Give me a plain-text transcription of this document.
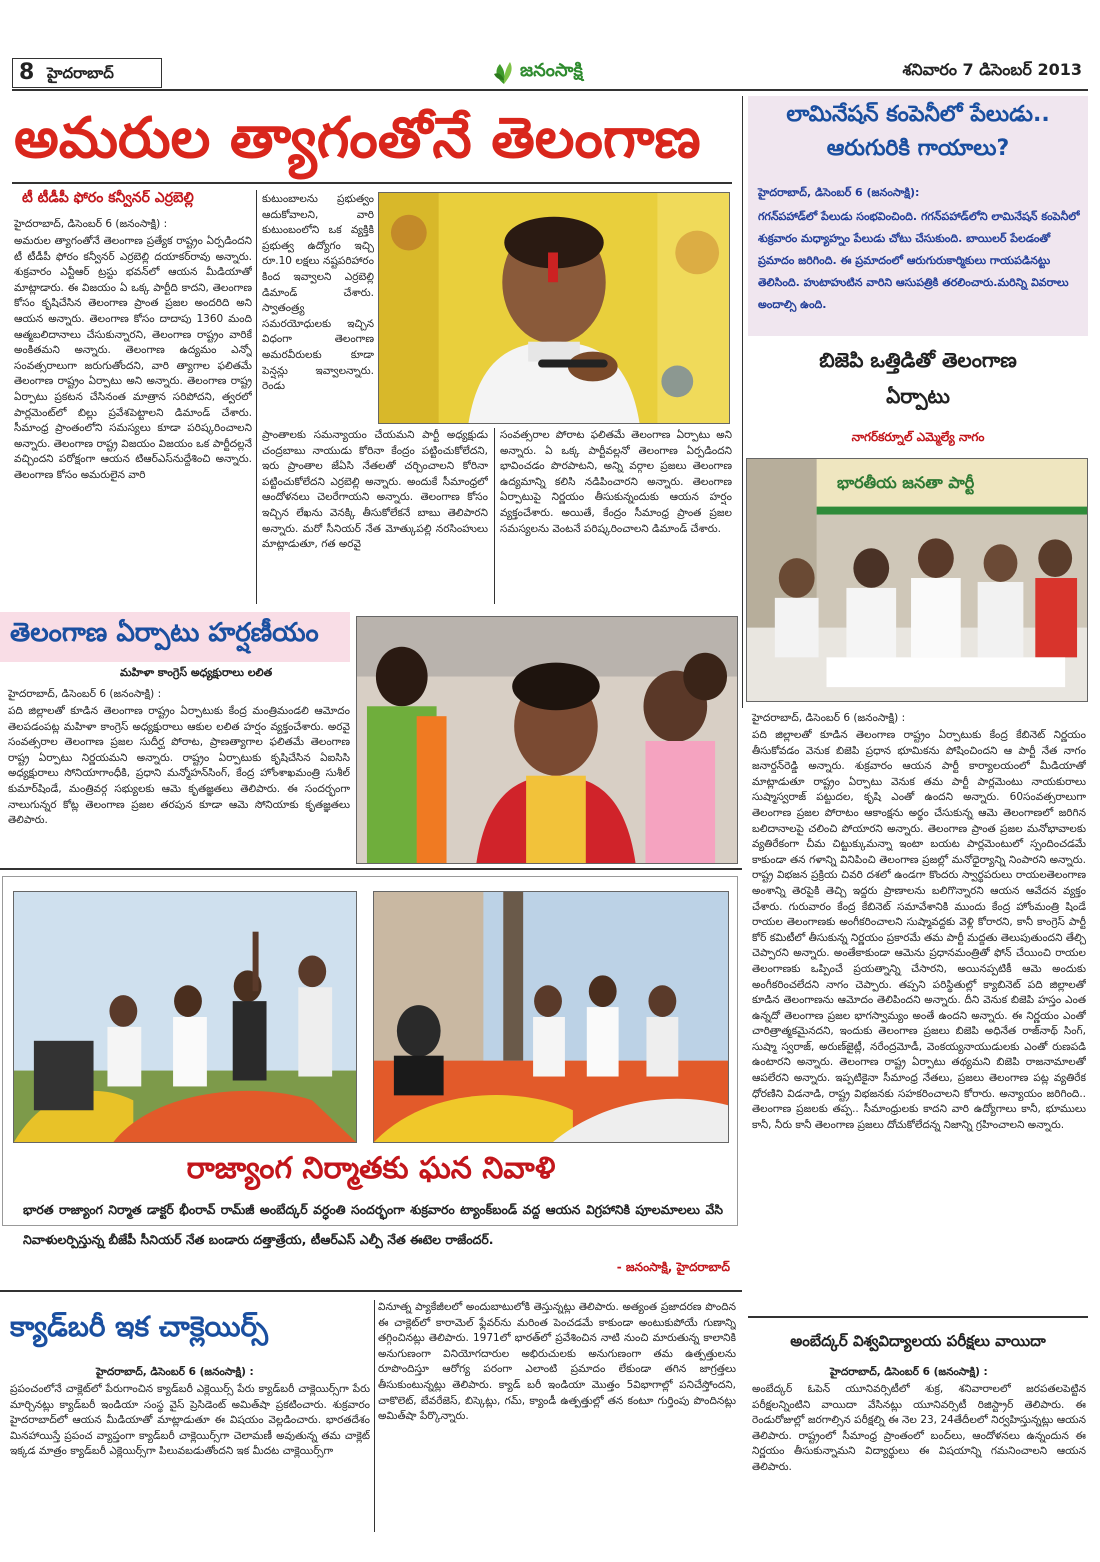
8 హైదరాబాద్	జనంసాక్షి	శనివారం 7 డిసెంబర్ 2013
అమరుల త్యాగంతోనే తెలంగాణ
టీ టీడీపీ ఫోరం కన్వీనర్ ఎర్రబెల్లి
హైదరాబాద్, డిసెంబర్ 6 (జనంసాక్షి) :
అమరుల త్యాగంతోనే తెలంగాణ ప్రత్యేక రాష్ట్రం ఏర్పడిందని టీ టీడీపీ ఫోరం కన్వీనర్ ఎర్రబెల్లి దయాకర్‌రావు అన్నారు. శుక్రవారం ఎన్టీఆర్ ట్రస్టు భవన్‌లో ఆయన మీడియాతో మాట్లాడారు. ఈ విజయం ఏ ఒక్క పార్టీది కాదని, తెలంగాణ కోసం కృషిచేసిన తెలంగాణ ప్రాంత ప్రజల అందరిది అని ఆయన అన్నారు. తెలంగాణ కోసం దాదాపు 1360 మంది ఆత్మబలిదానాలు చేసుకున్నారని, తెలంగాణ రాష్ట్రం వారికే అంకితమని అన్నారు. తెలంగాణ ఉద్యమం ఎన్నో సంవత్సరాలుగా జరుగుతోందని, వారి త్యాగాల ఫలితమే తెలంగాణ రాష్ట్రం ఏర్పాటు అని అన్నారు. తెలంగాణ రాష్ట్ర ఏర్పాటు ప్రకటన చేసినంత మాత్రాన సరిపోదని, త్వరలో పార్లమెంట్‌లో బిల్లు ప్రవేశపెట్టాలని డిమాండ్ చేశారు. సీమాంధ్ర ప్రాంతంలోని సమస్యలు కూడా పరిష్కరించాలని అన్నారు. తెలంగాణ రాష్ట్ర విజయం విజయం ఒక పార్టీదల్లనే వచ్చిందని పరోక్షంగా ఆయన టిఆర్ఎస్‌నుద్దేశించి అన్నారు. తెలంగాణ కోసం అమరులైన వారి
కుటుంబాలను ప్రభుత్వం ఆదుకోవాలని, వారి కుటుంబంలోని ఒక వ్యక్తికి ప్రభుత్వ ఉద్యోగం ఇచ్చి రూ.10 లక్షలు నష్టపరిహారం కింద ఇవ్వాలని ఎర్రబెల్లి డిమాండ్ చేశారు. స్వాతంత్ర్య సమరయోధులకు ఇచ్చిన విధంగా తెలంగాణ అమరవీరులకు కూడా పెన్షన్లు ఇవ్వాలన్నారు. రెండు
ప్రాంతాలకు సమన్యాయం చేయమని పార్టీ అధ్యక్షుడు చంద్రబాబు నాయుడు కోరినా కేంద్రం పట్టించుకోలేదని, ఇరు ప్రాంతాల జేఏసి నేతలతో చర్చించాలని కోరినా పట్టించుకోలేదని ఎర్రబెల్లి అన్నారు. అందుకే సీమాంధ్రలో ఆందోళనలు చెలరేగాయని అన్నారు. తెలంగాణ కోసం ఇచ్చిన లేఖను వెనక్కి తీసుకోలేకనే బాబు తెలిపారని అన్నారు. మరో సీనియర్ నేత మోత్కుపల్లి నరసింహులు మాట్లాడుతూ, గత అరవై
సంవత్సరాల పోరాట ఫలితమే తెలంగాణ ఏర్పాటు అని అన్నారు. ఏ ఒక్క పార్టీవల్లనో తెలంగాణ ఏర్పడిందని భావించడం పొరపాటని, అన్ని వర్గాల ప్రజలు తెలంగాణ ఉద్యమాన్ని కలిసి నడిపించారని అన్నారు. తెలంగాణ ఏర్పాటుపై నిర్ణయం తీసుకున్నందుకు ఆయన హర్షం వ్యక్తంచేశారు. అయితే, కేంద్రం సీమాంధ్ర ప్రాంత ప్రజల సమస్యలను వెంటనే పరిష్కరించాలని డిమాండ్ చేశారు.
లామినేషన్ కంపెనీలో పేలుడు..
ఆరుగురికి గాయాలు?
హైదరాబాద్, డిసెంబర్ 6 (జనంసాక్షి):
గగన్‌పహాడ్‌లో పేలుడు సంభవించింది. గగన్‌పహాడ్‌లోని లామినేషన్ కంపెనీలో శుక్రవారం మధ్యాహ్నం పేలుడు చోటు చేసుకుంది. బాయిలర్ పేలడంతో ప్రమాదం జరిగింది. ఈ ప్రమాదంలో ఆరుగురుకార్మికులు గాయపడినట్టు తెలిసింది. హుటాహుటిన వారిని ఆసుపత్రికి తరలించారు.మరిన్ని వివరాలు అందాల్సి ఉంది.
బిజెపి ఒత్తిడితో తెలంగాణ
ఏర్పాటు
నాగర్‌కర్నూల్ ఎమ్మెల్యే నాగం
భారతీయ జనతా పార్టీ
హైదరాబాద్, డిసెంబర్ 6 (జనంసాక్షి) :
పది జిల్లాలతో కూడిన తెలంగాణ రాష్ట్రం ఏర్పాటుకు కేంద్ర కేబినెట్ నిర్ణయం తీసుకోవడం వెనుక బిజెపి ప్రధాన భూమికను పోషించిందని ఆ పార్టీ నేత నాగం జనార్దన్‌రెడ్డి అన్నారు. శుక్రవారం ఆయన పార్టీ కార్యాలయంలో మీడియాతో మాట్లాడుతూ రాష్ట్రం ఏర్పాటు వెనుక తమ పార్టీ పార్లమెంటు నాయకురాలు సుష్మాస్వరాజ్ పట్టుదల, కృషి ఎంతో ఉందని అన్నారు. 60సంవత్సరాలుగా తెలంగాణ ప్రజల పోరాటం ఆకాంక్షను అర్థం చేసుకున్న ఆమె తెలంగాణలో జరిగిన బలిదానాలపై చలించి పోయారని అన్నారు. తెలంగాణ ప్రాంత ప్రజల మనోభావాలకు వ్యతిరేకంగా చీమ చిట్టుక్కుమన్నా ఇంటా బయట పార్లమెంటులో స్పందించడమే కాకుండా తన గళాన్ని వినిపించి తెలంగాణ ప్రజల్లో మనోధైర్యాన్ని నింపారని అన్నారు. రాష్ట్ర విభజన ప్రక్రియ చివరి దశలో ఉండగా కొందరు స్వార్థపరులు రాయలతెలంగాణ అంశాన్ని తెరపైకి తెచ్చి ఇద్దరు ప్రాణాలను బలిగొన్నారని ఆయన ఆవేదన వ్యక్తం చేశారు. గురువారం కేంద్ర కేబినెట్ సమావేశానికి ముందు కేంద్ర హోంమంత్రి షిండే రాయల తెలంగాణకు అంగీకరించాలని సుష్మావద్దకు వెళ్లి కోరారని, కానీ కాంగ్రెస్ పార్టీ కోర్ కమిటీలో తీసుకున్న నిర్ణయం ప్రకారమే తమ పార్టీ మద్దతు తెలుపుతుందని తేల్చి చెప్పారని అన్నారు. అంతేకాకుండా ఆమెను ప్రధానమంత్రితో ఫోన్ చేయించి రాయల తెలంగాణకు ఒప్పించే ప్రయత్నాన్ని చేసారని, అయినప్పటికీ ఆమె అందుకు అంగీకరించలేదని నాగం చెప్పారు. తప్పని పరిస్థితుల్లో క్యాబినెట్ పది జిల్లాలతో కూడిన తెలంగాణను ఆమోదం తెలిపిందని అన్నారు. దీని వెనుక బిజెపి హస్తం ఎంత ఉన్నదో తెలంగాణ ప్రజల భాగస్వామ్యం అంతే ఉందని అన్నారు. ఈ నిర్ణయం ఎంతో చారిత్రాత్మకమైనదని, ఇందుకు తెలంగాణ ప్రజలు బిజెపి అధినేత రాజ్‌నాథ్ సింగ్, సుష్మా స్వరాజ్, అరుణ్‌జైట్లీ, నరేంద్రమోడీ, వెంకయ్యనాయుడులకు ఎంతో రుణపడి ఉంటారని అన్నారు. తెలంగాణ రాష్ట్ర ఏర్పాటు తథ్యమని బిజెపి రాజనామాలతో ఆపలేరని అన్నారు. ఇప్పటికైనా సీమాంధ్ర నేతలు, ప్రజలు తెలంగాణ పట్ల వ్యతిరేక ధోరణిని విడనాడి, రాష్ట్ర విభజనకు సహకరించాలని కోరారు. అన్యాయం జరిగింది.. తెలంగాణ ప్రజలకు తప్ప.. సీమాంధ్రులకు కాదని వారి ఉద్యోగాలు కానీ, భూములు కానీ, నీరు కానీ తెలంగాణ ప్రజలు దోచుకోలేదన్న నిజాన్ని గ్రహించాలని అన్నారు.
తెలంగాణ ఏర్పాటు హర్షణీయం
మహిళా కాంగ్రెస్ అధ్యక్షురాలు లలిత
హైదరాబాద్, డిసెంబర్ 6 (జనంసాక్షి) :
పది జిల్లాలతో కూడిన తెలంగాణ రాష్ట్రం ఏర్పాటుకు కేంద్ర మంత్రిమండలి ఆమోదం తెలపడంపట్ల మహిళా కాంగ్రెస్ అధ్యక్షురాలు ఆకుల లలిత హర్షం వ్యక్తంచేశారు. అరవై సంవత్సరాల తెలంగాణ ప్రజల సుదీర్ఘ పోరాట, ప్రాణత్యాగాల ఫలితమే తెలంగాణ రాష్ట్ర ఏర్పాటు నిర్ణయమని అన్నారు. రాష్ట్రం ఏర్పాటుకు కృషిచేసిన ఏఐసిసి అధ్యక్షురాలు సోనియాగాంధీకి, ప్రధాని మన్మోహన్‌సింగ్, కేంద్ర హోంశాఖమంత్రి సుశీల్ కుమార్‌షిండే, మంత్రివర్గ సభ్యులకు ఆమె కృతజ్ఞతలు తెలిపారు. ఈ సందర్భంగా నాలుగున్నర కోట్ల తెలంగాణ ప్రజల తరపున కూడా ఆమె సోనియాకు కృతజ్ఞతలు తెలిపారు.
రాజ్యాంగ నిర్మాతకు ఘన నివాళి
భారత రాజ్యాంగ నిర్మాత డాక్టర్ భీంరావ్ రామ్‌జీ అంబేద్కర్ వర్ధంతి సందర్భంగా శుక్రవారం ట్యాంక్‌బండ్ వద్ద ఆయన విగ్రహానికి పూలమాలలు వేసి నివాళులర్పిస్తున్న బీజేపీ సీనియర్ నేత బండారు దత్తాత్రేయ, టీఆర్ఎస్ ఎల్పీ నేత ఈటెల రాజేందర్.
- జనంసాక్షి, హైదరాబాద్
క్యాడ్‌బరీ ఇక చాక్లెయిర్స్
హైదరాబాద్, డిసెంబర్ 6 (జనంసాక్షి) :
ప్రపంచంలోనే చాక్లెట్‌లో పేరుగాంచిన క్యాడ్‌బరీ ఎక్లెయిర్స్ పేరు క్యాడ్‌బరీ చాక్లెయిర్స్‌గా పేరు మార్చినట్లు క్యాడ్‌బరీ ఇండియా సంస్థ వైస్ ప్రెసిడెంట్ అమిత్‌షా ప్రకటించారు. శుక్రవారం హైదరాబాద్‌లో ఆయన మీడియాతో మాట్లాడుతూ ఈ విషయం వెల్లడించారు. భారతదేశం మినహాయిస్తే ప్రపంచ వ్యాప్తంగా క్యాడ్‌బరీ చాక్లెయిర్స్‌గా చెలామణీ అవుతున్న తమ చాక్లెట్ ఇక్కడ మాత్రం క్యాడ్‌బరీ ఎక్లెయిర్స్‌గా పిలువబడుతోందని ఇక మీదట చాక్లెయిర్స్‌గా
వినూత్న ప్యాకేజీలలో అందుబాటులోకి తెస్తున్నట్లు తెలిపారు. అత్యంత ప్రజాదరణ పొందిన ఈ చాక్లెట్‌లో కారామెల్ ఫ్లేవర్‌ను మరింత పెంచడమే కాకుండా అంటుకుపోయే గుణాన్ని తగ్గించినట్లు తెలిపారు. 1971లో భారత్‌లో ప్రవేశించిన నాటి నుంచి మారుతున్న కాలానికి అనుగుణంగా వినియోగదారుల అభిరుచులకు అనుగుణంగా తమ ఉత్పత్తులను రూపొందిస్తూ ఆరోగ్య పరంగా ఎలాంటి ప్రమాదం లేకుండా తగిన జాగ్రత్తలు తీసుకుంటున్నట్లు తెలిపారు. క్యాడ్ బరీ ఇండియా మొత్తం 5విభాగాల్లో పనిచేస్తోందని, చాకొలెట్, బేవరేజెస్, బిస్కెట్లు, గమ్, క్యాండీ ఉత్పత్తుల్లో తన కంటూ గుర్తింపు పొందినట్లు అమిత్‌షా పేర్కొన్నారు.
అంబేద్కర్ విశ్వవిద్యాలయ పరీక్షలు వాయిదా
హైదరాబాద్, డిసెంబర్ 6 (జనంసాక్షి) :
అంబేద్కర్ ఓపెన్ యూనివర్సిటీలో శుక్ర, శనివారాలలో జరపతలపెట్టిన పరీక్షలన్నింటిని వాయిదా వేసినట్లు యూనివర్సిటీ రిజిస్ట్రార్ తెలిపారు. ఈ రెండురోజుల్లో జరగాల్సిన పరీక్షల్ని ఈ నెల 23, 24తేదీలలో నిర్వహిస్తున్నట్లు ఆయన తెలిపారు. రాష్ట్రంలో సీమాంధ్ర ప్రాంతంలో బంద్‌లు, ఆందోళనలు ఉన్నందున ఈ నిర్ణయం తీసుకున్నామని విద్యార్థులు ఈ విషయాన్ని గమనించాలని ఆయన తెలిపారు.
